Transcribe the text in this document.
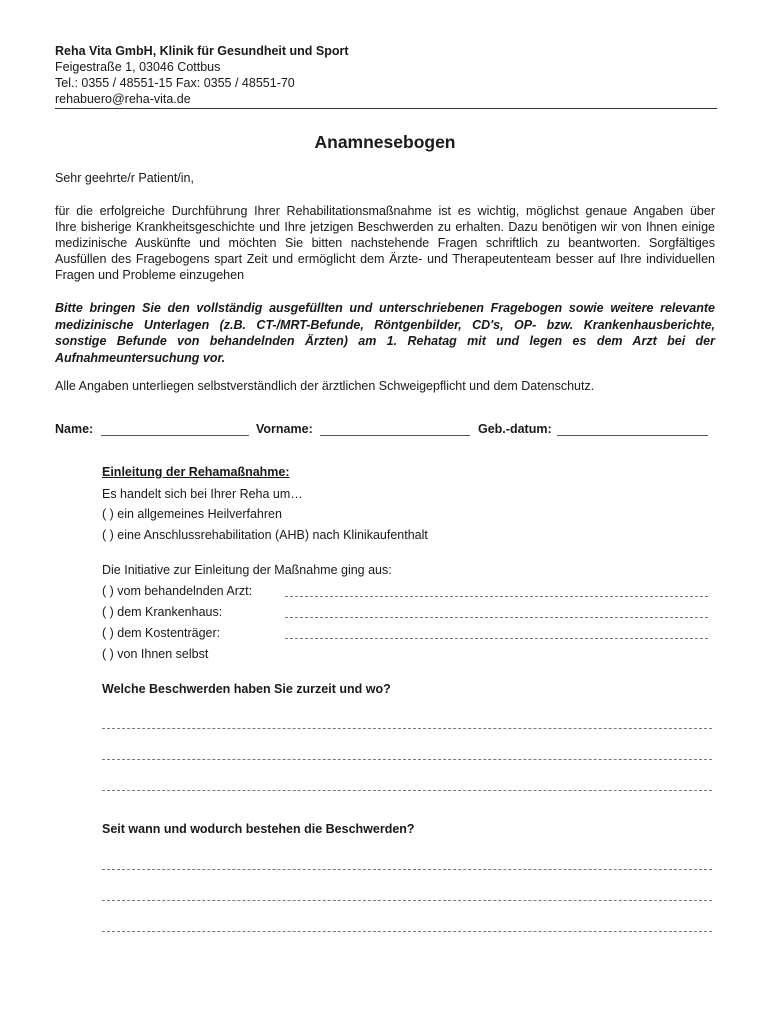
Reha Vita GmbH, Klinik für Gesundheit und Sport
Feigestraße 1, 03046 Cottbus
Tel.: 0355 / 48551-15 Fax: 0355 / 48551-70
rehabuero@reha-vita.de
Anamnesebogen
Sehr geehrte/r Patient/in,
für die erfolgreiche Durchführung Ihrer Rehabilitationsmaßnahme ist es wichtig, möglichst genaue Angaben über
Ihre bisherige Krankheitsgeschichte und Ihre jetzigen Beschwerden zu erhalten. Dazu benötigen wir von Ihnen einige
medizinische Auskünfte und möchten Sie bitten nachstehende Fragen schriftlich zu beantworten. Sorgfältiges
Ausfüllen des Fragebogens spart Zeit und ermöglicht dem Ärzte- und Therapeutenteam besser auf Ihre individuellen
Fragen und Probleme einzugehen
Bitte bringen Sie den vollständig ausgefüllten und unterschriebenen Fragebogen sowie weitere relevante
medizinische Unterlagen (z.B. CT-/MRT-Befunde, Röntgenbilder, CD's, OP- bzw. Krankenhausberichte,
sonstige Befunde von behandelnden Ärzten) am 1. Rehatag mit und legen es dem Arzt bei der
Aufnahmeuntersuchung vor.
Alle Angaben unterliegen selbstverständlich der ärztlichen Schweigepflicht und dem Datenschutz.
Name:	Vorname:	Geb.-datum:
Einleitung der Rehamaßnahme:
Es handelt sich bei Ihrer Reha um…
( ) ein allgemeines Heilverfahren
( ) eine Anschlussrehabilitation (AHB) nach Klinikaufenthalt
Die Initiative zur Einleitung der Maßnahme ging aus:
( ) vom behandelnden Arzt:
( ) dem Krankenhaus:
( ) dem Kostenträger:
( ) von Ihnen selbst
Welche Beschwerden haben Sie zurzeit und wo?
Seit wann und wodurch bestehen die Beschwerden?
